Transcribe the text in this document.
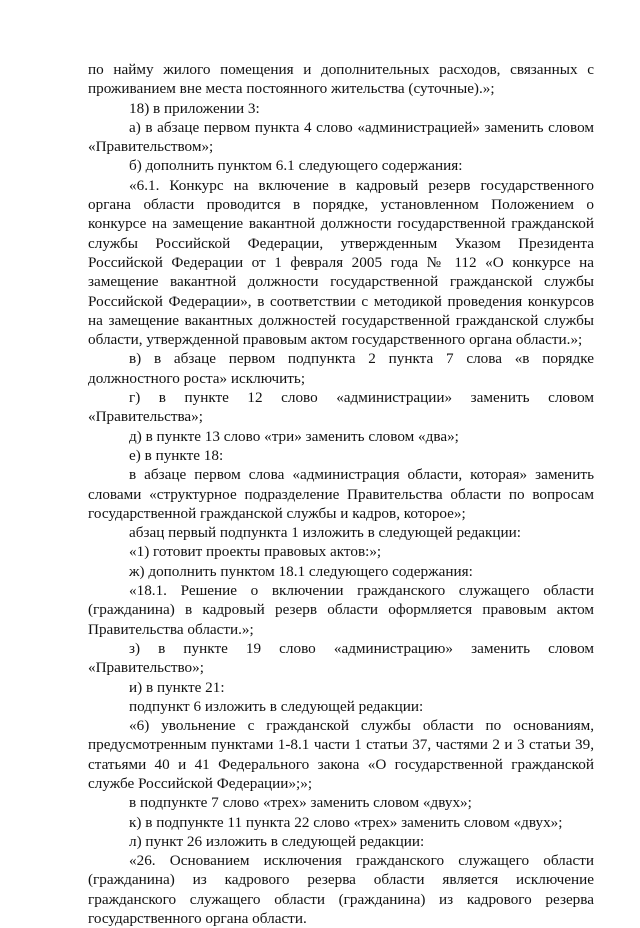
по найму жилого помещения и дополнительных расходов, связанных с проживанием вне места постоянного жительства (суточные).»;

18) в приложении 3:

а) в абзаце первом пункта 4 слово «администрацией» заменить словом «Правительством»;

б) дополнить пунктом 6.1 следующего содержания:

«6.1. Конкурс на включение в кадровый резерв государственного органа области проводится в порядке, установленном Положением о конкурсе на замещение вакантной должности государственной гражданской службы Российской Федерации, утвержденным Указом Президента Российской Федерации от 1 февраля 2005 года № 112 «О конкурсе на замещение вакантной должности государственной гражданской службы Российской Федерации», в соответствии с методикой проведения конкурсов на замещение вакантных должностей государственной гражданской службы области, утвержденной правовым актом государственного органа области.»;

в) в абзаце первом подпункта 2 пункта 7 слова «в порядке должностного роста» исключить;

г) в пункте 12 слово «администрации» заменить словом «Правительства»;

д) в пункте 13 слово «три» заменить словом «два»;

е) в пункте 18:

в абзаце первом слова «администрация области, которая» заменить словами «структурное подразделение Правительства области по вопросам государственной гражданской службы и кадров, которое»;

абзац первый подпункта 1 изложить в следующей редакции:

«1) готовит проекты правовых актов:»;

ж) дополнить пунктом 18.1 следующего содержания:

«18.1. Решение о включении гражданского служащего области (гражданина) в кадровый резерв области оформляется правовым актом Правительства области.»;

з) в пункте 19 слово «администрацию» заменить словом «Правительство»;

и) в пункте 21:

подпункт 6 изложить в следующей редакции:

«6) увольнение с гражданской службы области по основаниям, предусмотренным пунктами 1-8.1 части 1 статьи 37, частями 2 и 3 статьи 39, статьями 40 и 41 Федерального закона «О государственной гражданской службе Российской Федерации»;»;

в подпункте 7 слово «трех» заменить словом «двух»;

к) в подпункте 11 пункта 22 слово «трех» заменить словом «двух»;

л) пункт 26 изложить в следующей редакции:

«26. Основанием исключения гражданского служащего области (гражданина) из кадрового резерва области является исключение гражданского служащего области (гражданина) из кадрового резерва государственного органа области.
